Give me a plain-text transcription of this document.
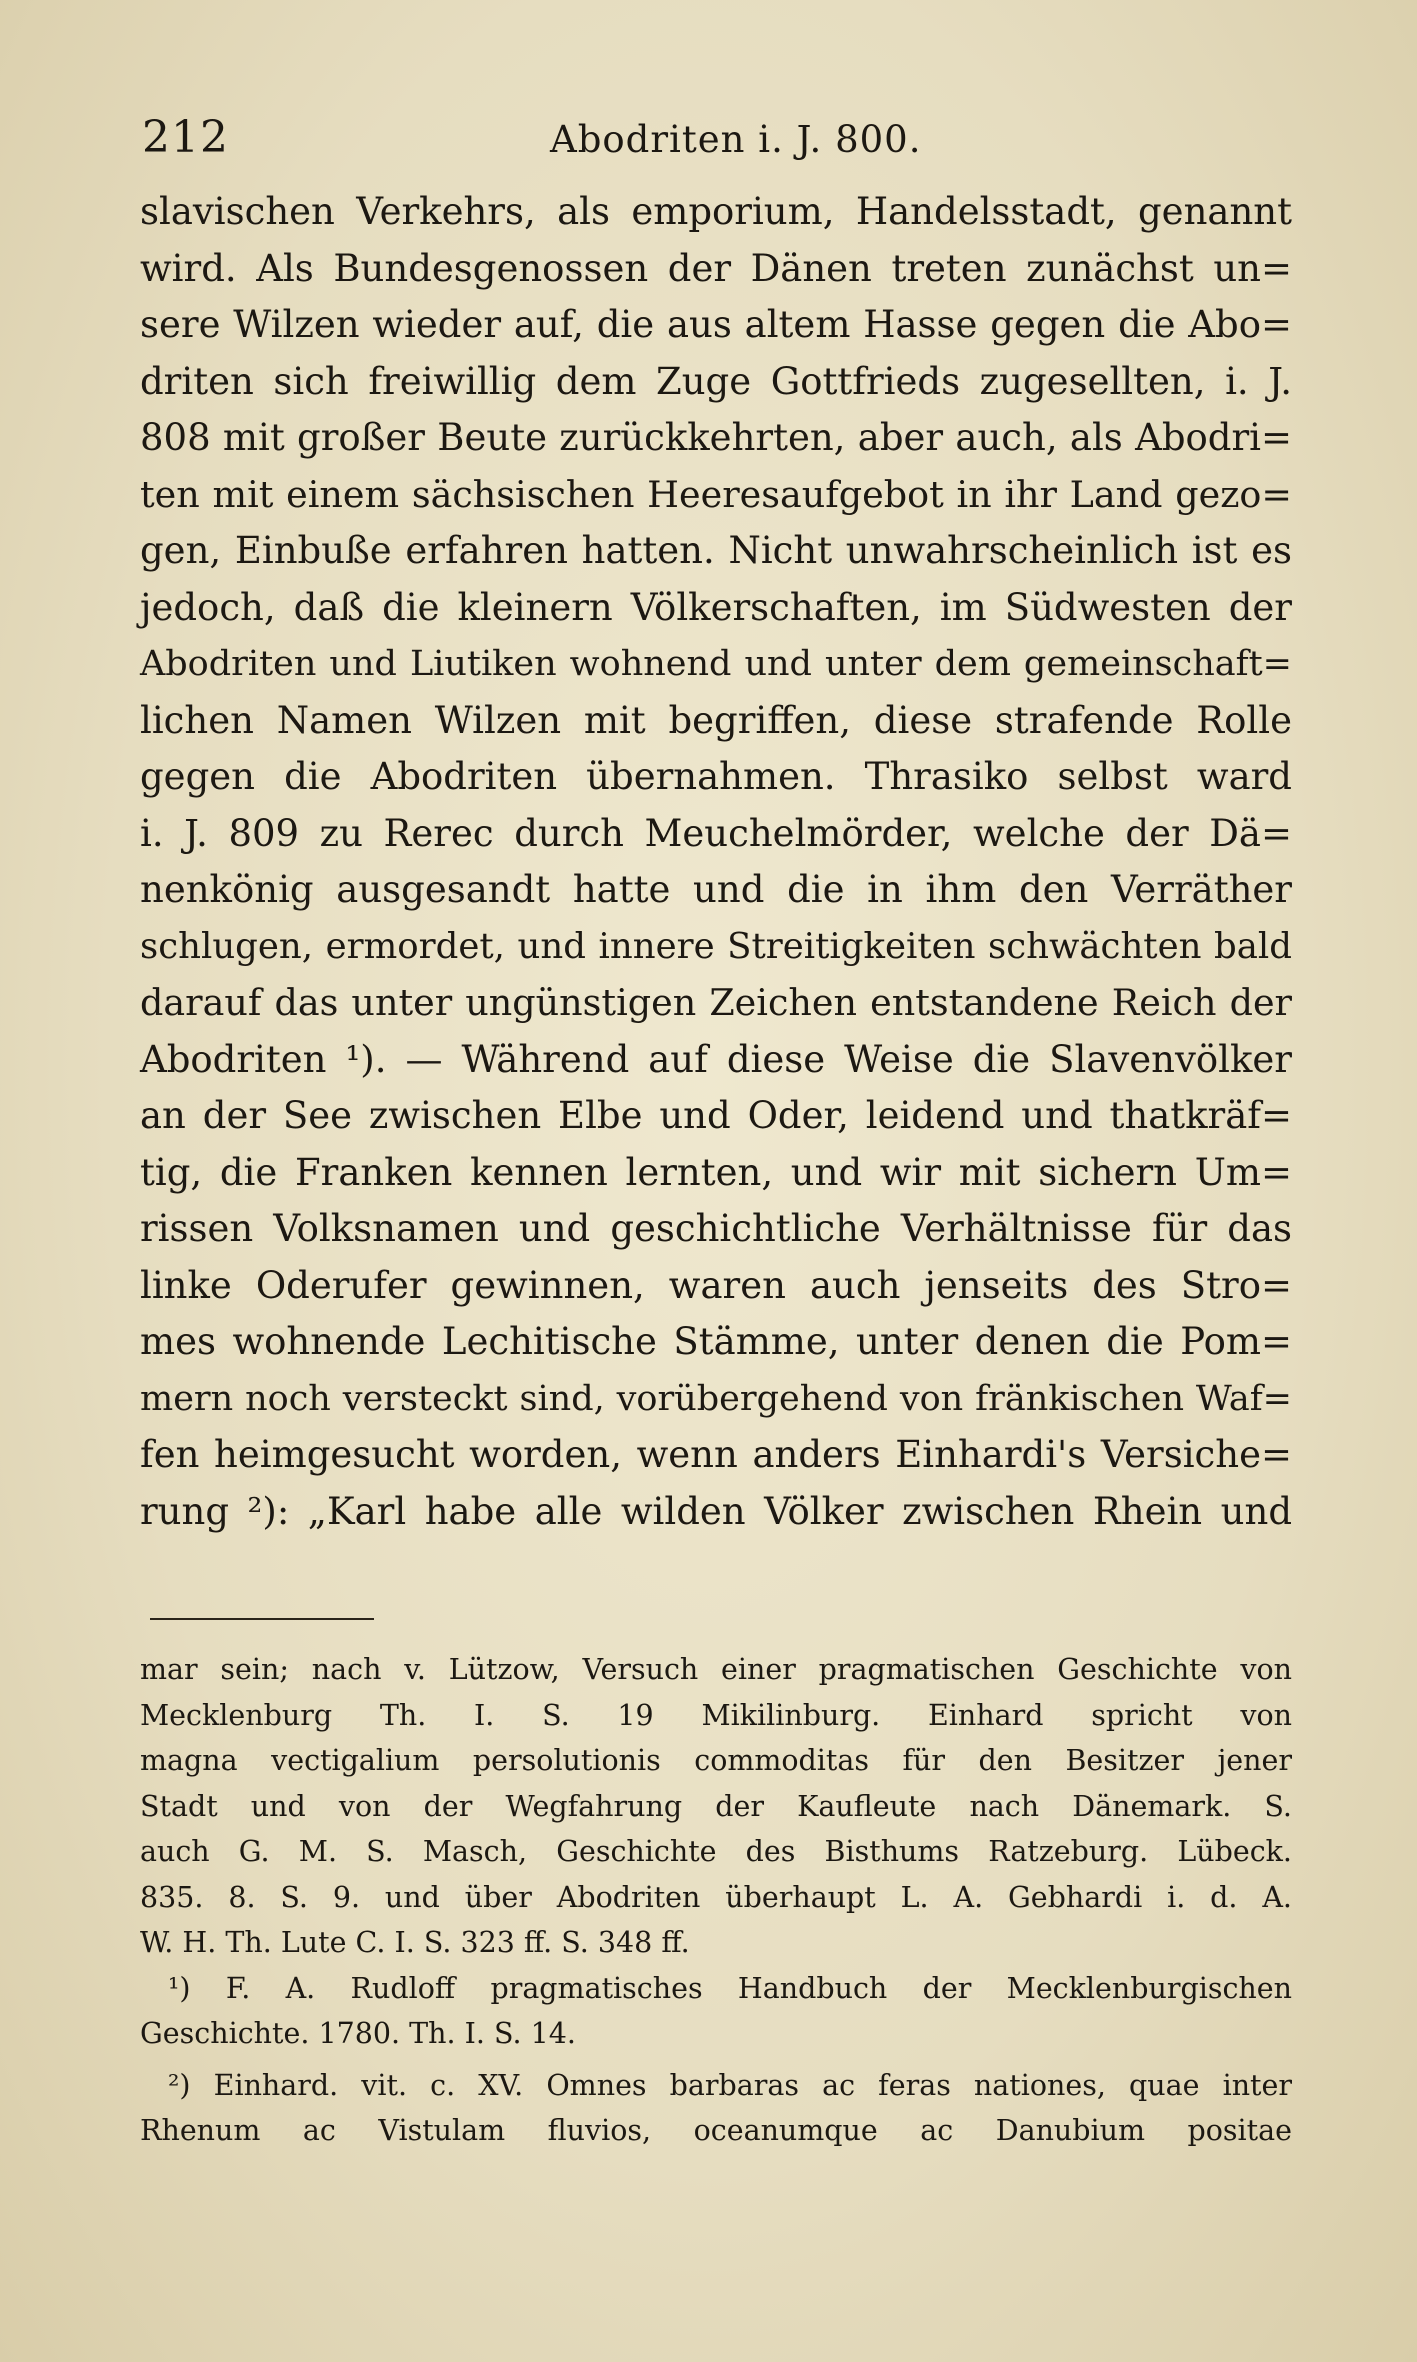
212	Abodriten i. J. 800.
slavischen Verkehrs, als emporium, Handelsstadt, genannt
wird. Als Bundesgenossen der Dänen treten zunächst un=
sere Wilzen wieder auf, die aus altem Hasse gegen die Abo=
driten sich freiwillig dem Zuge Gottfrieds zugesellten, i. J.
808 mit großer Beute zurückkehrten, aber auch, als Abodri=
ten mit einem sächsischen Heeresaufgebot in ihr Land gezo=
gen, Einbuße erfahren hatten. Nicht unwahrscheinlich ist es
jedoch, daß die kleinern Völkerschaften, im Südwesten der
Abodriten und Liutiken wohnend und unter dem gemeinschaft=
lichen Namen Wilzen mit begriffen, diese strafende Rolle
gegen die Abodriten übernahmen. Thrasiko selbst ward
i. J. 809 zu Rerec durch Meuchelmörder, welche der Dä=
nenkönig ausgesandt hatte und die in ihm den Verräther
schlugen, ermordet, und innere Streitigkeiten schwächten bald
darauf das unter ungünstigen Zeichen entstandene Reich der
Abodriten ¹). — Während auf diese Weise die Slavenvölker
an der See zwischen Elbe und Oder, leidend und thatkräf=
tig, die Franken kennen lernten, und wir mit sichern Um=
rissen Volksnamen und geschichtliche Verhältnisse für das
linke Oderufer gewinnen, waren auch jenseits des Stro=
mes wohnende Lechitische Stämme, unter denen die Pom=
mern noch versteckt sind, vorübergehend von fränkischen Waf=
fen heimgesucht worden, wenn anders Einhardi's Versiche=
rung ²): „Karl habe alle wilden Völker zwischen Rhein und
mar sein; nach v. Lützow, Versuch einer pragmatischen Geschichte von
Mecklenburg Th. I. S. 19 Mikilinburg. Einhard spricht von
magna vectigalium persolutionis commoditas für den Besitzer jener
Stadt und von der Wegfahrung der Kaufleute nach Dänemark. S.
auch G. M. S. Masch, Geschichte des Bisthums Ratzeburg. Lübeck.
835. 8. S. 9. und über Abodriten überhaupt L. A. Gebhardi i. d. A.
W. H. Th. Lute C. I. S. 323 ff. S. 348 ff.
¹) F. A. Rudloff pragmatisches Handbuch der Mecklenburgischen
Geschichte. 1780. Th. I. S. 14.
²) Einhard. vit. c. XV. Omnes barbaras ac feras nationes, quae inter
Rhenum ac Vistulam fluvios, oceanumque ac Danubium positae
